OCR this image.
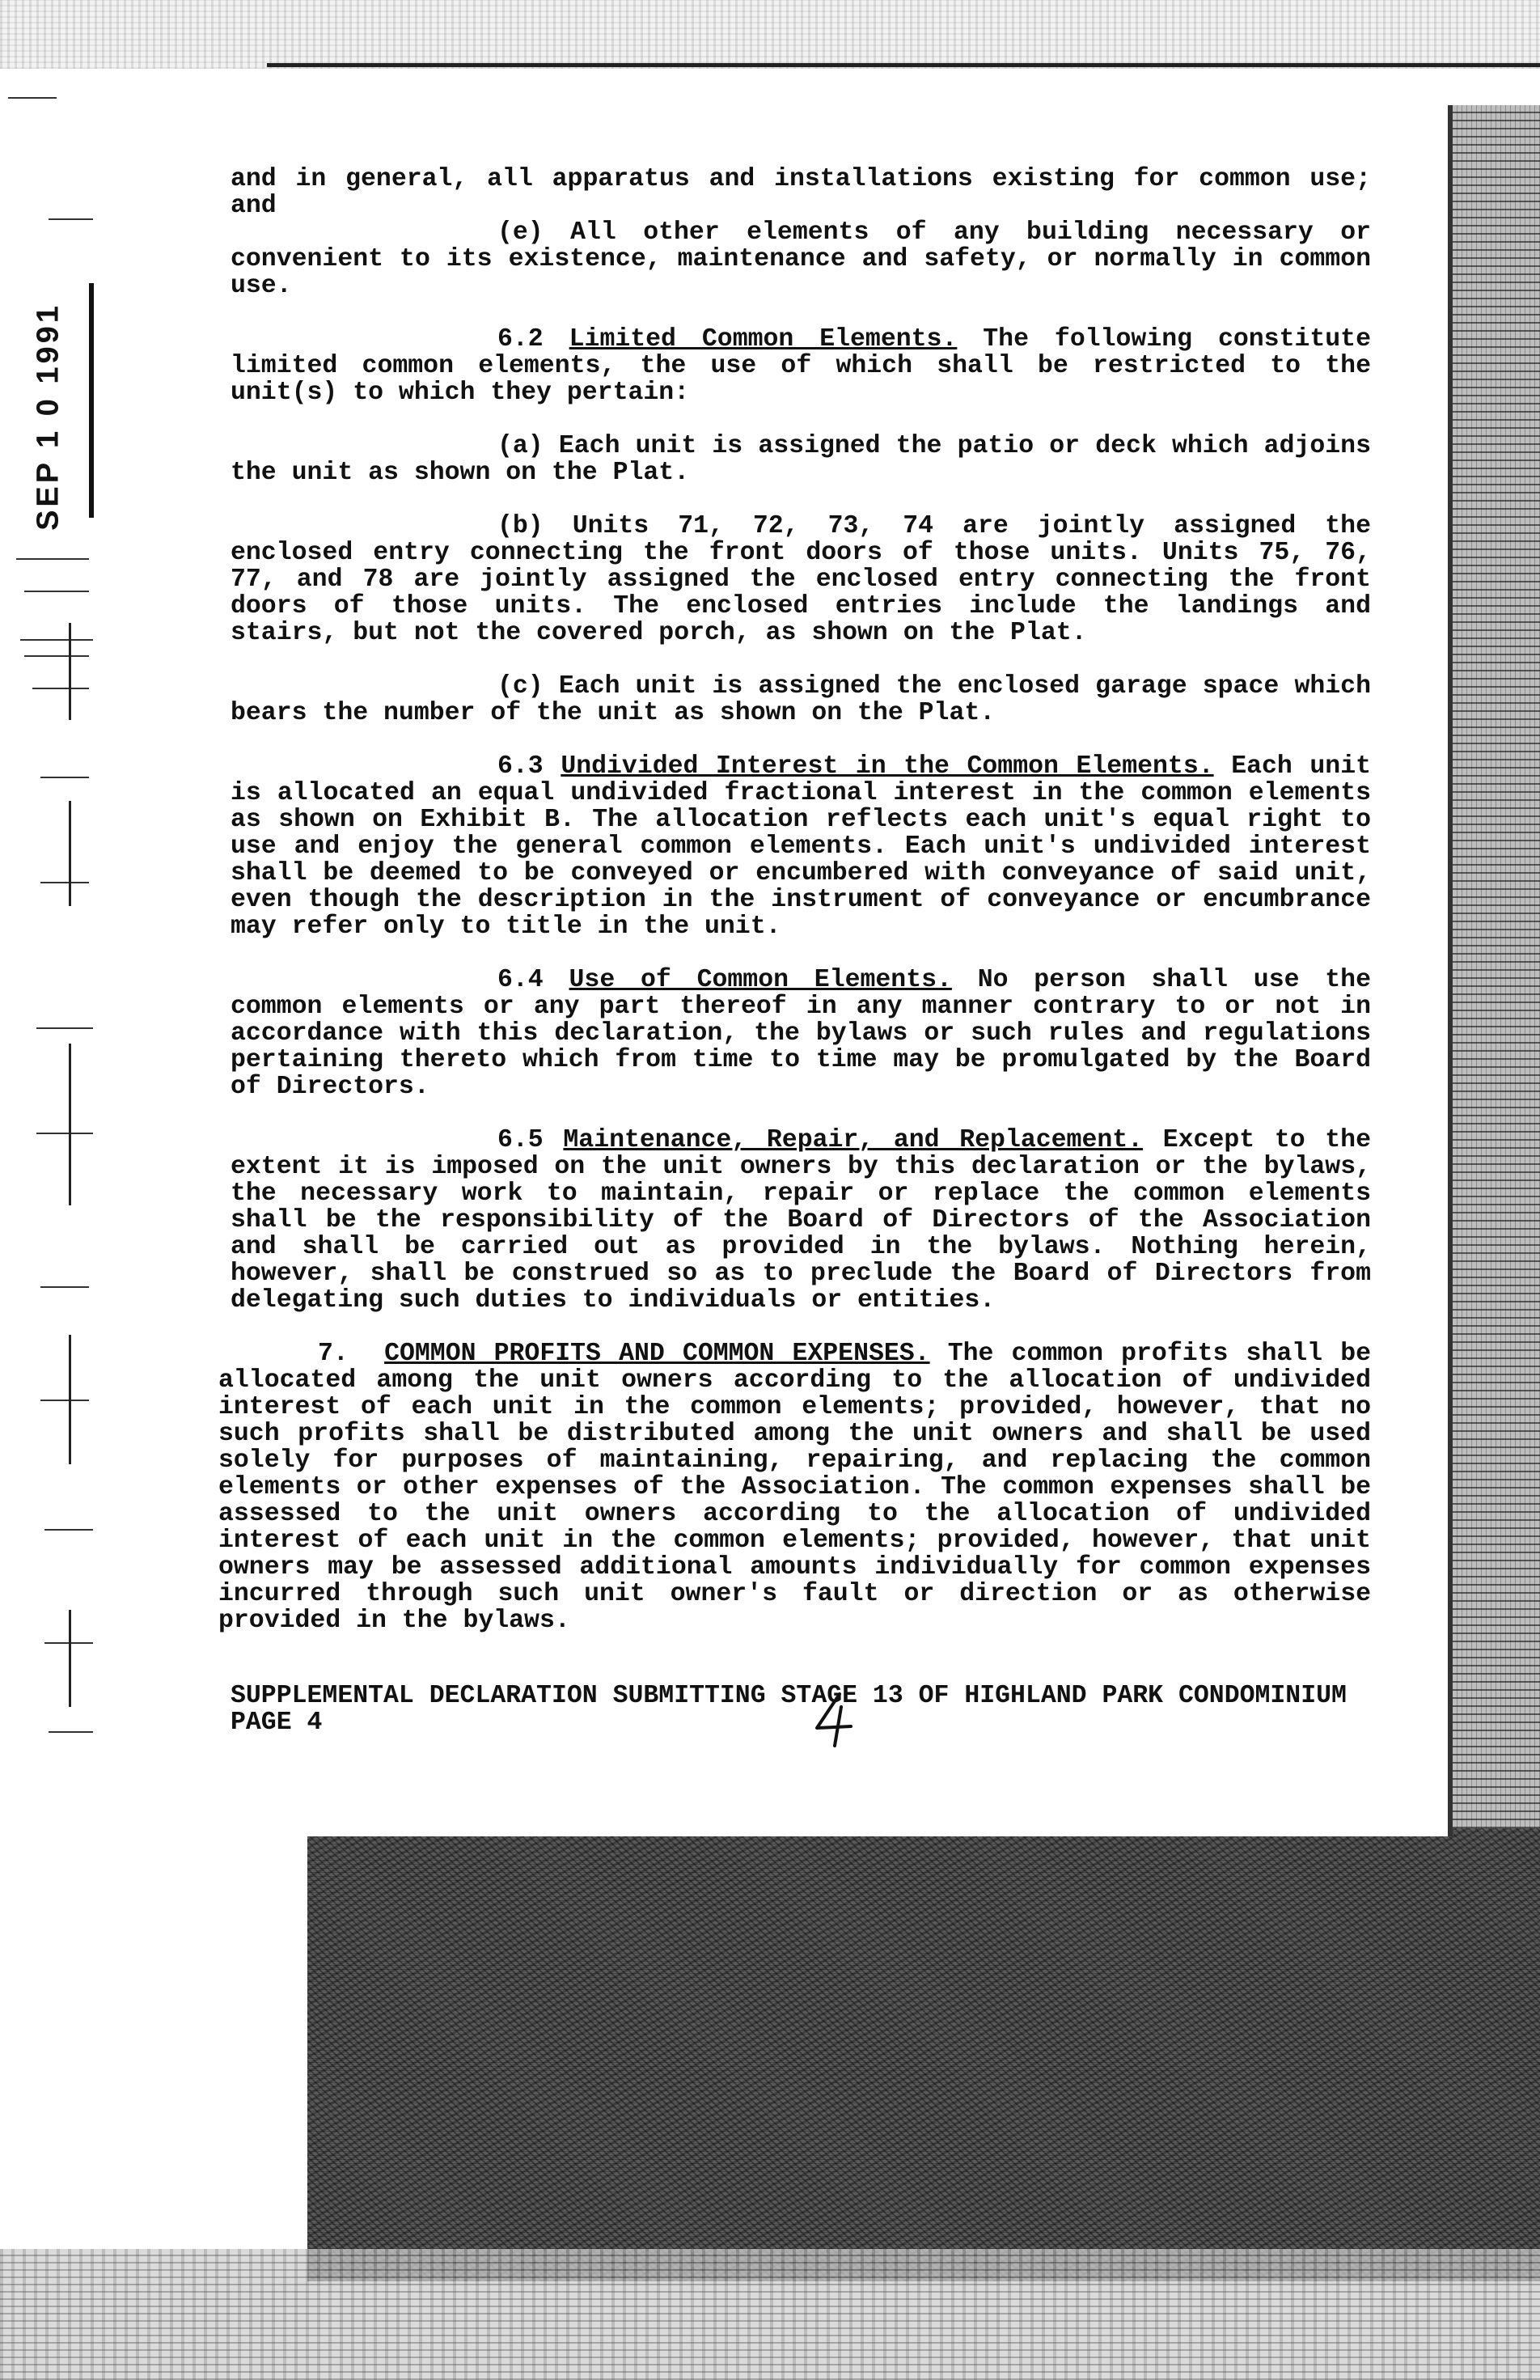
SEP 1 0 1991

and in general, all apparatus and installations existing for common use; and

(e) All other elements of any building necessary or convenient to its existence, maintenance and safety, or normally in common use.

6.2 Limited Common Elements. The following constitute limited common elements, the use of which shall be restricted to the unit(s) to which they pertain:

(a) Each unit is assigned the patio or deck which adjoins the unit as shown on the Plat.

(b) Units 71, 72, 73, 74 are jointly assigned the enclosed entry connecting the front doors of those units. Units 75, 76, 77, and 78 are jointly assigned the enclosed entry connecting the front doors of those units. The enclosed entries include the landings and stairs, but not the covered porch, as shown on the Plat.

(c) Each unit is assigned the enclosed garage space which bears the number of the unit as shown on the Plat.

6.3 Undivided Interest in the Common Elements. Each unit is allocated an equal undivided fractional interest in the common elements as shown on Exhibit B. The allocation reflects each unit's equal right to use and enjoy the general common elements. Each unit's undivided interest shall be deemed to be conveyed or encumbered with conveyance of said unit, even though the description in the instrument of conveyance or encumbrance may refer only to title in the unit.

6.4 Use of Common Elements. No person shall use the common elements or any part thereof in any manner contrary to or not in accordance with this declaration, the bylaws or such rules and regulations pertaining thereto which from time to time may be promulgated by the Board of Directors.

6.5 Maintenance, Repair, and Replacement. Except to the extent it is imposed on the unit owners by this declaration or the bylaws, the necessary work to maintain, repair or replace the common elements shall be the responsibility of the Board of Directors of the Association and shall be carried out as provided in the bylaws. Nothing herein, however, shall be construed so as to preclude the Board of Directors from delegating such duties to individuals or entities.

7. COMMON PROFITS AND COMMON EXPENSES. The common profits shall be allocated among the unit owners according to the allocation of undivided interest of each unit in the common elements; provided, however, that no such profits shall be distributed among the unit owners and shall be used solely for purposes of maintaining, repairing, and replacing the common elements or other expenses of the Association. The common expenses shall be assessed to the unit owners according to the allocation of undivided interest of each unit in the common elements; provided, however, that unit owners may be assessed additional amounts individually for common expenses incurred through such unit owner's fault or direction or as otherwise provided in the bylaws.

SUPPLEMENTAL DECLARATION SUBMITTING STAGE 13 OF HIGHLAND PARK CONDOMINIUM
PAGE 4
